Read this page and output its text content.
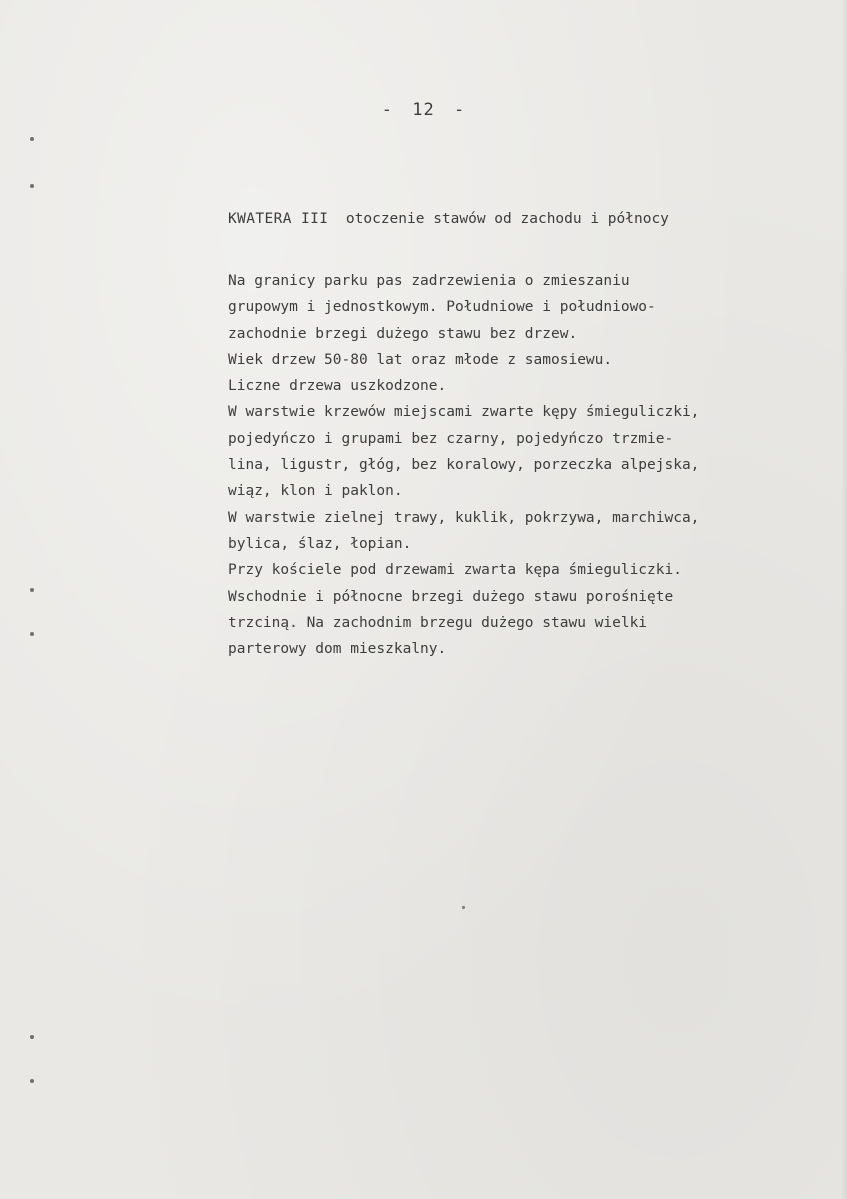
- 12 -
KWATERA III otoczenie stawów od zachodu i północy
Na granicy parku pas zadrzewienia o zmieszaniu
grupowym i jednostkowym. Południowe i południowo-
zachodnie brzegi dużego stawu bez drzew.
Wiek drzew 50-80 lat oraz młode z samosiewu.
Liczne drzewa uszkodzone.
W warstwie krzewów miejscami zwarte kępy śmieguliczki,
pojedyńczo i grupami bez czarny, pojedyńczo trzmie-
lina, ligustr, głóg, bez koralowy, porzeczka alpejska,
wiąz, klon i paklon.
W warstwie zielnej trawy, kuklik, pokrzywa, marchiwca,
bylica, ślaz, łopian.
Przy kościele pod drzewami zwarta kępa śmieguliczki.
Wschodnie i północne brzegi dużego stawu porośnięte
trzciną. Na zachodnim brzegu dużego stawu wielki
parterowy dom mieszkalny.
